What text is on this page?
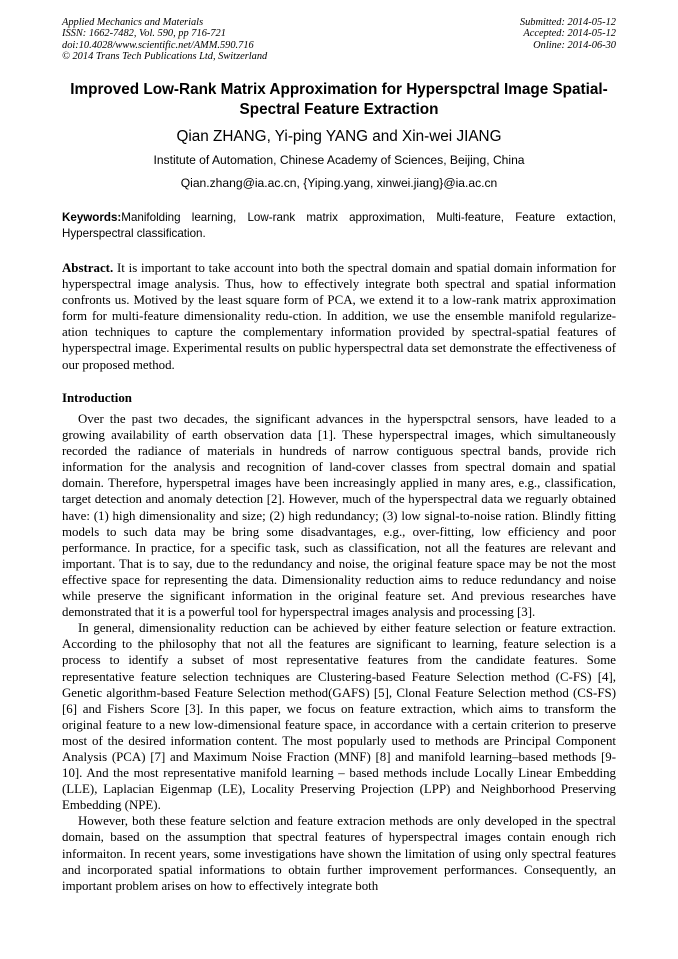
Applied Mechanics and Materials
ISSN: 1662-7482, Vol. 590, pp 716-721
doi:10.4028/www.scientific.net/AMM.590.716
© 2014 Trans Tech Publications Ltd, Switzerland
Submitted: 2014-05-12
Accepted: 2014-05-12
Online: 2014-06-30
Improved Low-Rank Matrix Approximation for Hyperspctral Image Spatial-Spectral Feature Extraction
Qian ZHANG, Yi-ping YANG and Xin-wei JIANG
Institute of Automation, Chinese Academy of Sciences, Beijing, China
Qian.zhang@ia.ac.cn, {Yiping.yang, xinwei.jiang}@ia.ac.cn
Keywords:Manifolding learning, Low-rank matrix approximation, Multi-feature, Feature extaction, Hyperspectral classification.
Abstract. It is important to take account into both the spectral domain and spatial domain information for hyperspectral image analysis. Thus, how to effectively integrate both spectral and spatial information confronts us. Motived by the least square form of PCA, we extend it to a low-rank matrix approximation form for multi-feature dimensionality redu-ction. In addition, we use the ensemble manifold regularize-ation techniques to capture the complementary information provided by spectral-spatial features of hyperspectral image. Experimental results on public hyperspectral data set demonstrate the effectiveness of our proposed method.
Introduction

Over the past two decades, the significant advances in the hyperspctral sensors, have leaded to a growing availability of earth observation data [1]. These hyperspectral images, which simultaneously recorded the radiance of materials in hundreds of narrow contiguous spectral bands, provide rich information for the analysis and recognition of land-cover classes from spectral domain and spatial domain. Therefore, hyperspetral images have been increasingly applied in many ares, e.g., classification, target detection and anomaly detection [2]. However, much of the hyperspectral data we reguarly obtained have: (1) high dimensionality and size; (2) high redundancy; (3) low signal-to-noise ration. Blindly fitting models to such data may be bring some disadvantages, e.g., over-fitting, low efficiency and poor performance. In practice, for a specific task, such as classification, not all the features are relevant and important. That is to say, due to the redundancy and noise, the original feature space may be not the most effective space for representing the data. Dimensionality reduction aims to reduce redundancy and noise while preserve the significant information in the original feature set. And previous researches have demonstrated that it is a powerful tool for hyperspectral images analysis and processing [3].

In general, dimensionality reduction can be achieved by either feature selection or feature extraction. According to the philosophy that not all the features are significant to learning, feature selection is a process to identify a subset of most representative features from the candidate features. Some representative feature selection techniques are Clustering-based Feature Selection method (C-FS) [4], Genetic algorithm-based Feature Selection method(GAFS) [5], Clonal Feature Selection method (CS-FS) [6] and Fishers Score [3]. In this paper, we focus on feature extraction, which aims to transform the original feature to a new low-dimensional feature space, in accordance with a certain criterion to preserve most of the desired information content. The most popularly used to methods are Principal Component Analysis (PCA) [7] and Maximum Noise Fraction (MNF) [8] and manifold learning–based methods [9-10]. And the most representative manifold learning – based methods include Locally Linear Embedding (LLE), Laplacian Eigenmap (LE), Locality Preserving Projection (LPP) and Neighborhood Preserving Embedding (NPE).

However, both these feature selction and feature extracion methods are only developed in the spectral domain, based on the assumption that spectral features of hyperspectral images contain enough rich informaiton. In recent years, some investigations have shown the limitation of using only spectral features and incorporated spatial informations to obtain further improvement performances. Consequently, an important problem arises on how to effectively integrate both
